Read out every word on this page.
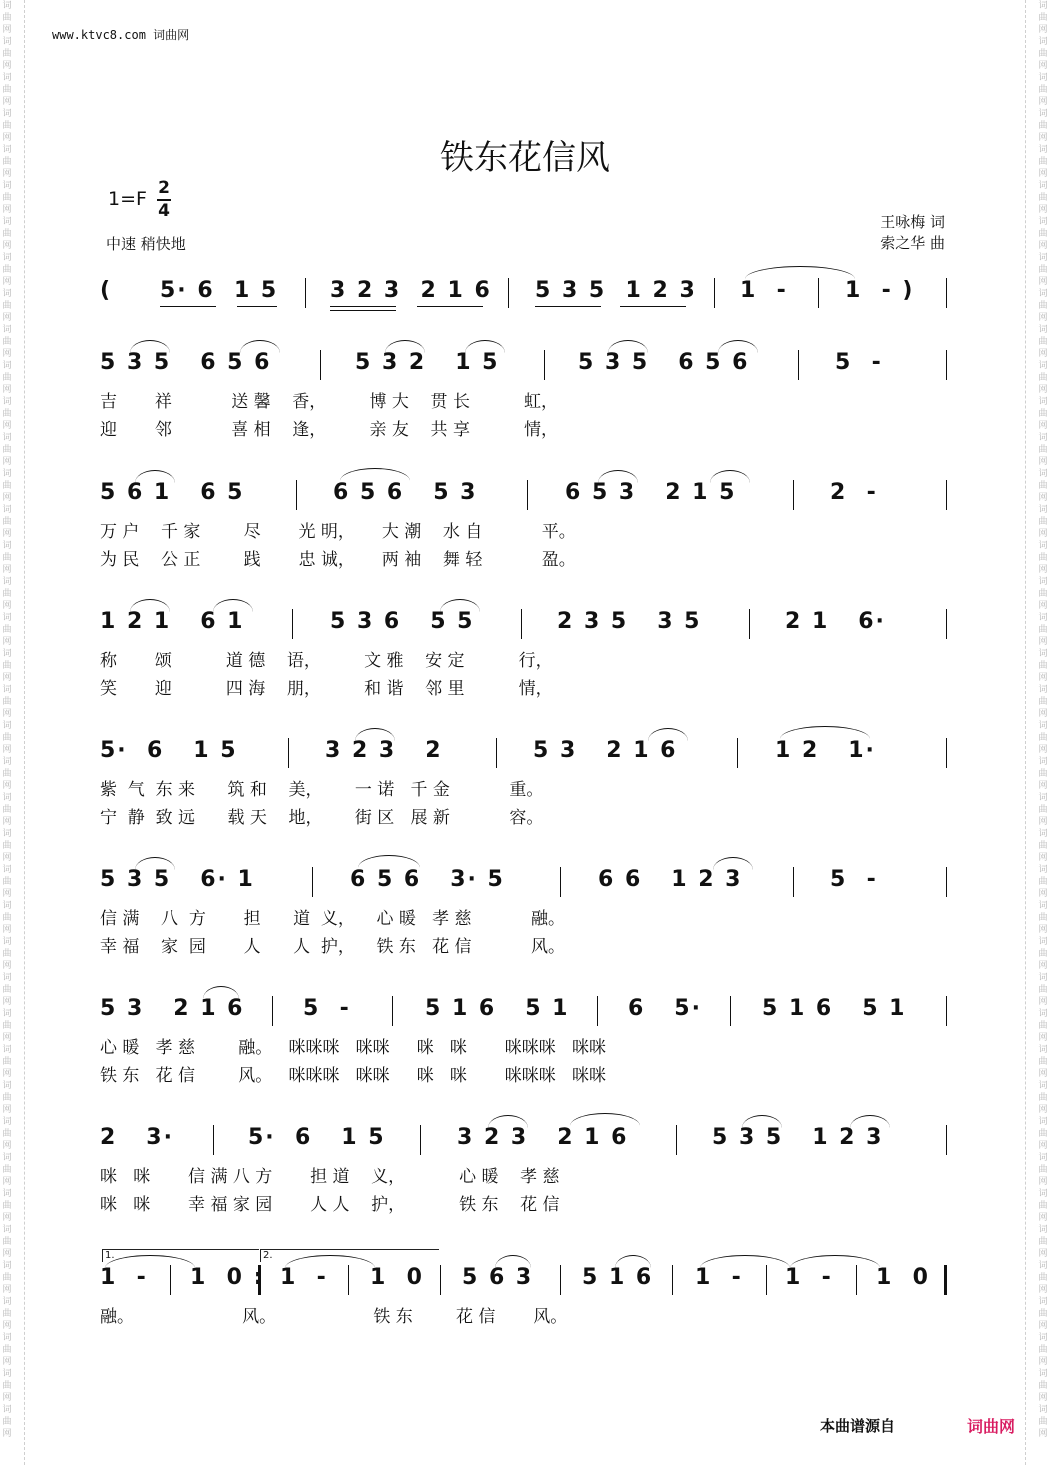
词曲网词曲网词曲网词曲网词曲网词曲网词曲网词曲网词曲网词曲网词曲网词曲网词曲网词曲网词曲网词曲网词曲网词曲网词曲网词曲网词曲网词曲网词曲网词曲网词曲网词曲网词曲网词曲网词曲网词曲网词曲网词曲网词曲网词曲网词曲网词曲网词曲网词曲网词曲网词曲网
词曲网词曲网词曲网词曲网词曲网词曲网词曲网词曲网词曲网词曲网词曲网词曲网词曲网词曲网词曲网词曲网词曲网词曲网词曲网词曲网词曲网词曲网词曲网词曲网词曲网词曲网词曲网词曲网词曲网词曲网词曲网词曲网词曲网词曲网词曲网词曲网词曲网词曲网词曲网词曲网
www.ktvc8.com 词曲网
铁东花信风
1=F 2
4
中速 稍快地
王咏梅 词
索之华 曲
( 5· 6  1 5 3 2 3  2 1 6 5 3 5  1 2 3 1  -	1  - )
5 3 5   6 5 6	5 3 2   1 5	5 3 5   6 5 6	5  -
吉       祥           送 馨    香，        博 大    贯 长          虹，
迎       邻           喜 相    逢，        亲 友    共 享          情，
5 6 1   6 5	6 5 6   5 3	6 5 3   2 1 5	2  -
万 户    千 家        尽       光 明，     大 潮    水 自           平。
为 民    公 正        践       忠 诚，     两 袖    舞 轻           盈。
1 2 1   6 1	5 3 6   5 5	2 3 5   3 5	2 1   6·
称       颂          道 德    语，        文 雅    安 定          行，
笑       迎          四 海    朋，        和 谐    邻 里          情，
5·  6   1 5	3 2 3   2	5 3   2 1 6	1 2   1·
紫  气  东 来      筑 和    美，      一 诺   千 金           重。
宁  静  致 远      载 天    地，      街 区   展 新           容。
5 3 5   6· 1	6 5 6   3· 5	6 6   1 2 3	5  -
信 满    八  方       担      道  义，    心 暖   孝 慈           融。
幸 福    家  园       人      人  护，    铁 东   花 信           风。
5 3   2 1 6	5  -	5 1 6   5 1	6   5·	5 1 6   5 1
心 暖   孝 慈        融。   咪咪咪   咪咪     咪   咪       咪咪咪   咪咪
铁 东   花 信        风。   咪咪咪   咪咪     咪   咪       咪咪咪   咪咪
2   3·	5·  6   1 5	3 2 3   2 1 6	5 3 5   1 2 3
咪   咪       信 满 八 方       担 道    义，          心 暖    孝 慈
咪   咪       幸 福 家 园       人 人    护，          铁 东    花 信
1.	2.
1  - 1  0 : 1  - 1  0 5 6 3 5 1 6 1  - 1  - 1  0
融。                    风。                  铁 东        花 信       风。
本曲谱源自	词曲网
